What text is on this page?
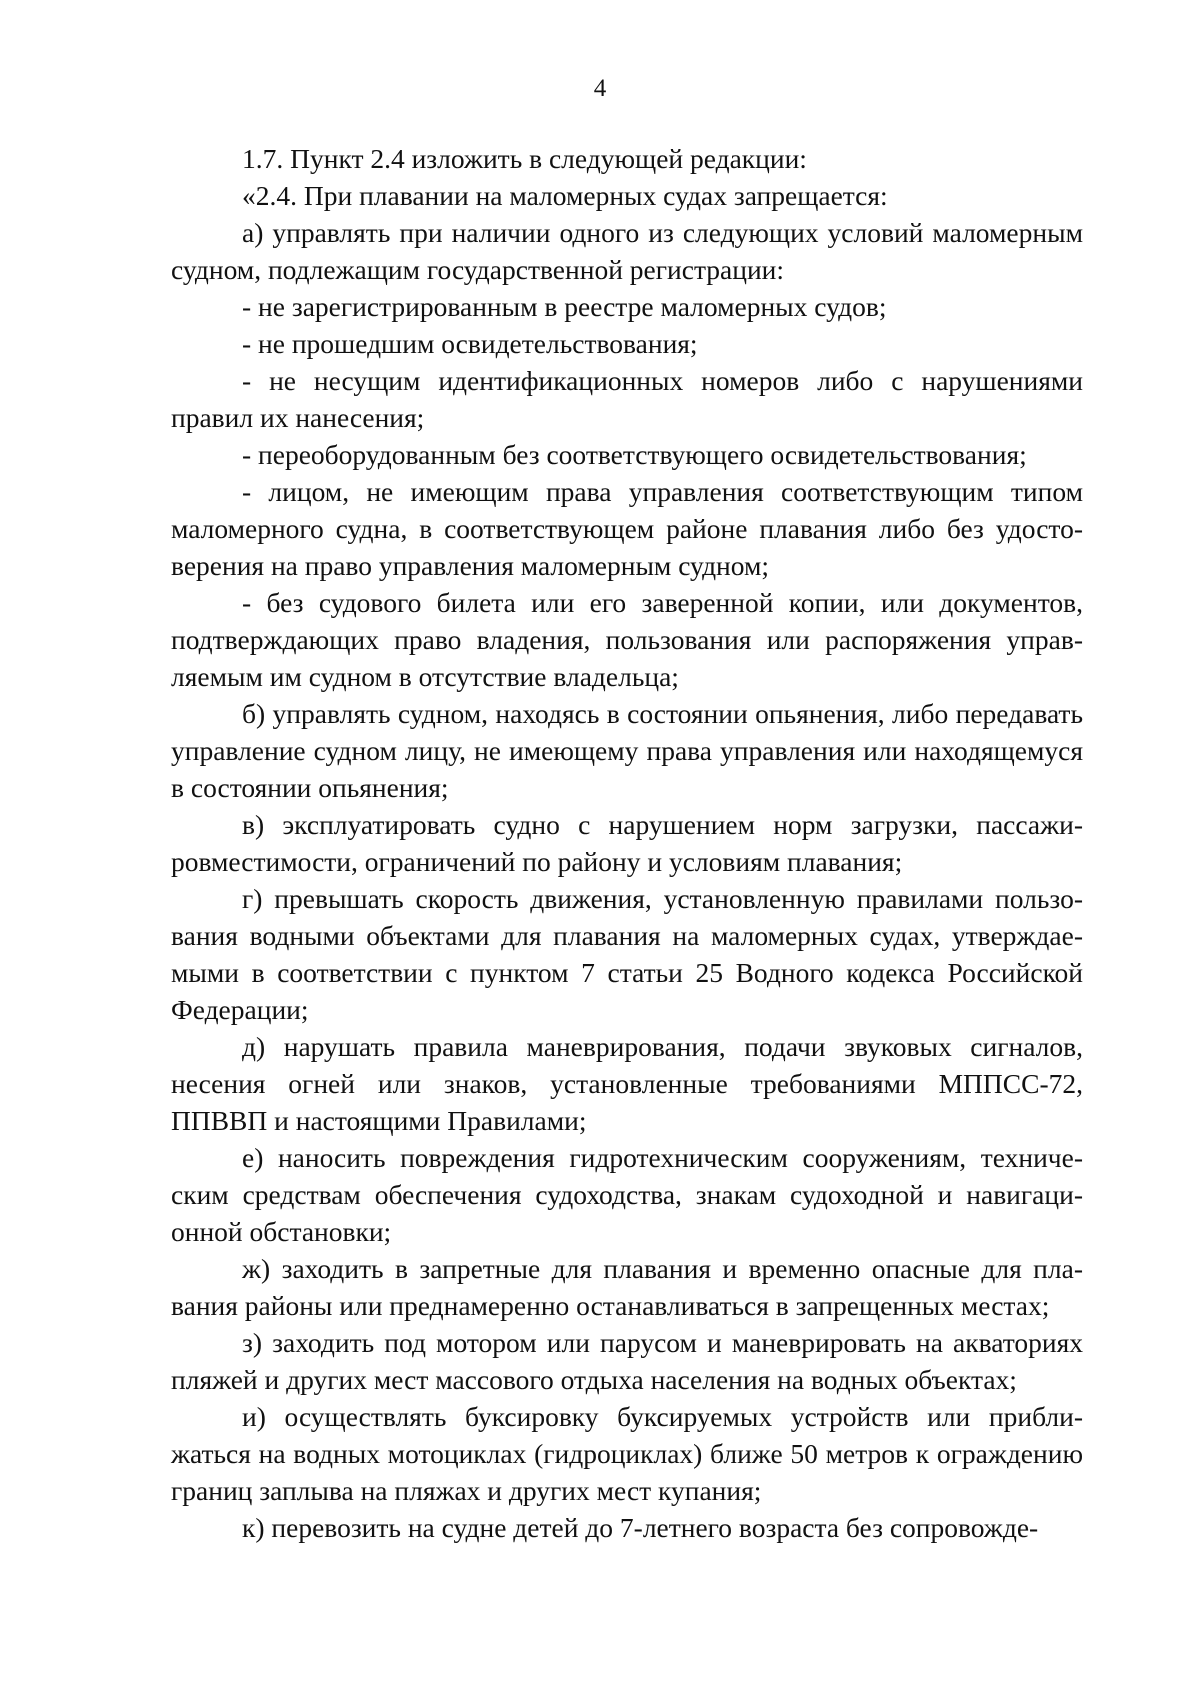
4

1.7. Пункт 2.4 изложить в следующей редакции:

«2.4. При плавании на маломерных судах запрещается:

а) управлять при наличии одного из следующих условий маломерным судном, подлежащим государственной регистрации:

- не зарегистрированным в реестре маломерных судов;

- не прошедшим освидетельствования;

- не несущим идентификационных номеров либо с нарушениями правил их нанесения;

- переоборудованным без соответствующего освидетельствования;

- лицом, не имеющим права управления соответствующим типом маломерного судна, в соответствующем районе плавания либо без удостоверения на право управления маломерным судном;

- без судового билета или его заверенной копии, или документов, подтверждающих право владения, пользования или распоряжения управляемым им судном в отсутствие владельца;

б) управлять судном, находясь в состоянии опьянения, либо передавать управление судном лицу, не имеющему права управления или находящемуся в состоянии опьянения;

в) эксплуатировать судно с нарушением норм загрузки, пассажировместимости, ограничений по району и условиям плавания;

г) превышать скорость движения, установленную правилами пользования водными объектами для плавания на маломерных судах, утверждаемыми в соответствии с пунктом 7 статьи 25 Водного кодекса Российской Федерации;

д) нарушать правила маневрирования, подачи звуковых сигналов, несения огней или знаков, установленные требованиями МППСС-72, ППВВП и настоящими Правилами;

е) наносить повреждения гидротехническим сооружениям, техническим средствам обеспечения судоходства, знакам судоходной и навигационной обстановки;

ж) заходить в запретные для плавания и временно опасные для плавания районы или преднамеренно останавливаться в запрещенных местах;

з) заходить под мотором или парусом и маневрировать на акваториях пляжей и других мест массового отдыха населения на водных объектах;

и) осуществлять буксировку буксируемых устройств или приближаться на водных мотоциклах (гидроциклах) ближе 50 метров к ограждению границ заплыва на пляжах и других мест купания;

к) перевозить на судне детей до 7-летнего возраста без сопровожде-
